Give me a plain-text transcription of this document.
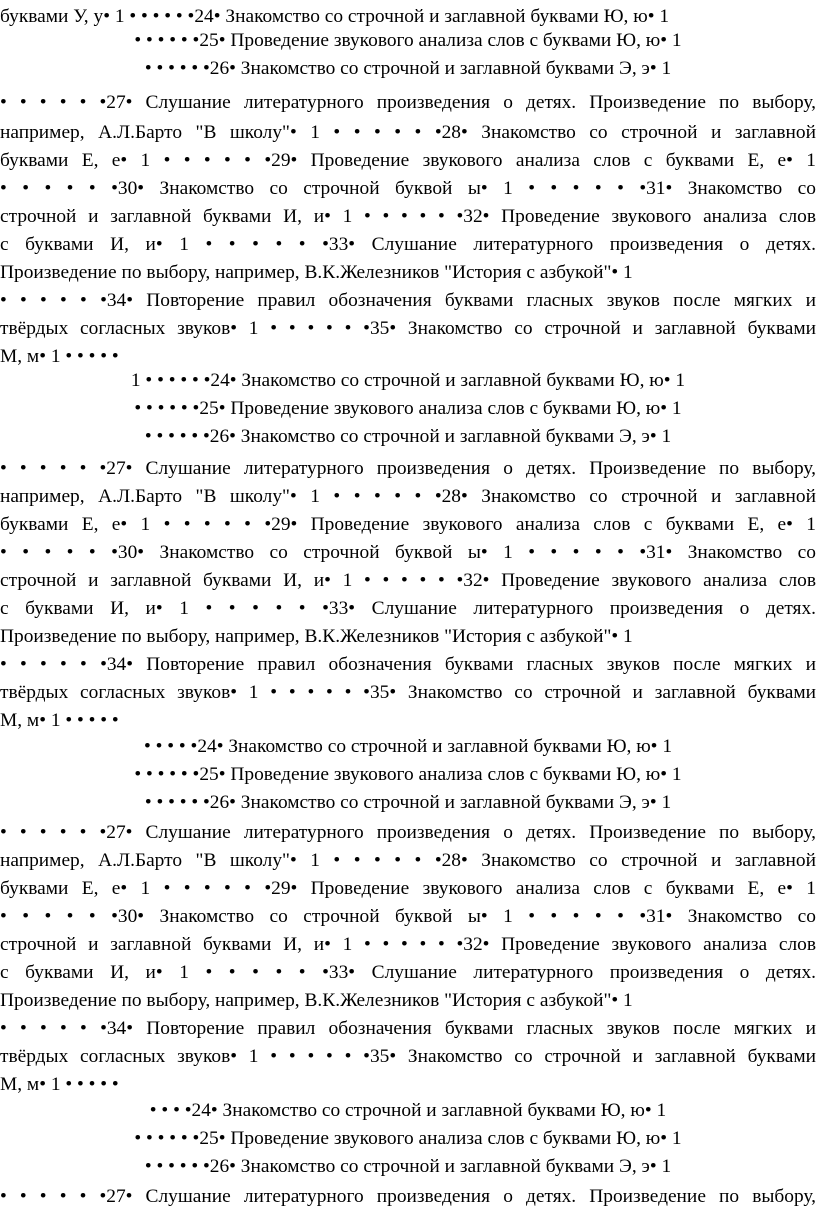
буквами У, у• 1 • • • • • •24• Знакомство со строчной и заглавной буквами Ю, ю• 1
• • • • • •25• Проведение звукового анализа слов с буквами Ю, ю• 1
• • • • • •26• Знакомство со строчной и заглавной буквами Э, э• 1
• • • • • •27• Слушание литературного произведения о детях. Произведение по выбору,
например, А.Л.Барто "В школу"• 1 • • • • • •28• Знакомство со строчной и заглавной
буквами Е, е• 1 • • • • • •29• Проведение звукового анализа слов с буквами Е, е• 1
• • • • • •30• Знакомство со строчной буквой ы• 1 • • • • • •31• Знакомство со
строчной и заглавной буквами И, и• 1 • • • • • •32• Проведение звукового анализа слов
с буквами И, и• 1 • • • • • •33• Слушание литературного произведения о детях.
Произведение по выбору, например, В.К.Железников "История с азбукой"• 1
• • • • • •34• Повторение правил обозначения буквами гласных звуков после мягких и
твёрдых согласных звуков• 1 • • • • • •35• Знакомство со строчной и заглавной буквами
М, м• 1 • • • • •
1 • • • • • •24• Знакомство со строчной и заглавной буквами Ю, ю• 1
• • • • • •25• Проведение звукового анализа слов с буквами Ю, ю• 1
• • • • • •26• Знакомство со строчной и заглавной буквами Э, э• 1
• • • • • •27• Слушание литературного произведения о детях. Произведение по выбору,
например, А.Л.Барто "В школу"• 1 • • • • • •28• Знакомство со строчной и заглавной
буквами Е, е• 1 • • • • • •29• Проведение звукового анализа слов с буквами Е, е• 1
• • • • • •30• Знакомство со строчной буквой ы• 1 • • • • • •31• Знакомство со
строчной и заглавной буквами И, и• 1 • • • • • •32• Проведение звукового анализа слов
с буквами И, и• 1 • • • • • •33• Слушание литературного произведения о детях.
Произведение по выбору, например, В.К.Железников "История с азбукой"• 1
• • • • • •34• Повторение правил обозначения буквами гласных звуков после мягких и
твёрдых согласных звуков• 1 • • • • • •35• Знакомство со строчной и заглавной буквами
М, м• 1 • • • • •
• • • • •24• Знакомство со строчной и заглавной буквами Ю, ю• 1
• • • • • •25• Проведение звукового анализа слов с буквами Ю, ю• 1
• • • • • •26• Знакомство со строчной и заглавной буквами Э, э• 1
• • • • • •27• Слушание литературного произведения о детях. Произведение по выбору,
например, А.Л.Барто "В школу"• 1 • • • • • •28• Знакомство со строчной и заглавной
буквами Е, е• 1 • • • • • •29• Проведение звукового анализа слов с буквами Е, е• 1
• • • • • •30• Знакомство со строчной буквой ы• 1 • • • • • •31• Знакомство со
строчной и заглавной буквами И, и• 1 • • • • • •32• Проведение звукового анализа слов
с буквами И, и• 1 • • • • • •33• Слушание литературного произведения о детях.
Произведение по выбору, например, В.К.Железников "История с азбукой"• 1
• • • • • •34• Повторение правил обозначения буквами гласных звуков после мягких и
твёрдых согласных звуков• 1 • • • • • •35• Знакомство со строчной и заглавной буквами
М, м• 1 • • • • •
• • • •24• Знакомство со строчной и заглавной буквами Ю, ю• 1
• • • • • •25• Проведение звукового анализа слов с буквами Ю, ю• 1
• • • • • •26• Знакомство со строчной и заглавной буквами Э, э• 1
• • • • • •27• Слушание литературного произведения о детях. Произведение по выбору,
